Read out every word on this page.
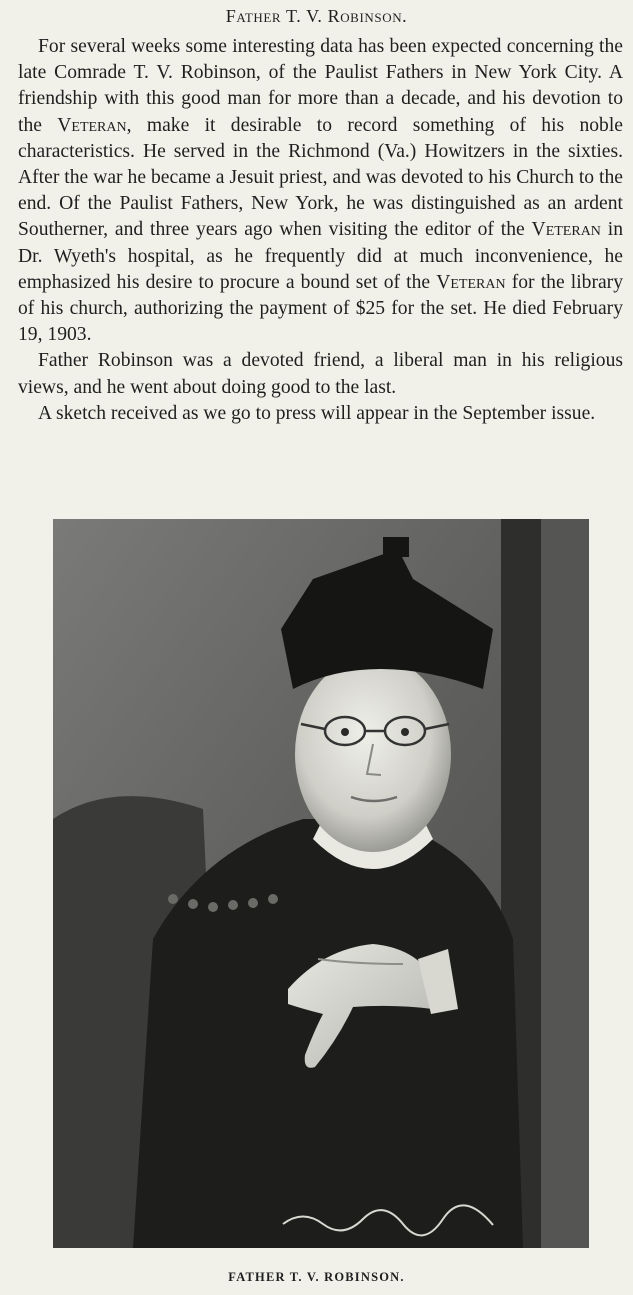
Father T. V. Robinson.

For several weeks some interesting data has been expected concerning the late Comrade T. V. Robinson, of the Paulist Fathers in New York City. A friendship with this good man for more than a decade, and his devotion to the Veteran, make it desirable to record something of his noble characteristics. He served in the Richmond (Va.) Howitzers in the sixties. After the war he became a Jesuit priest, and was devoted to his Church to the end. Of the Paulist Fathers, New York, he was distinguished as an ardent Southerner, and three years ago when visiting the editor of the Veteran in Dr. Wyeth's hospital, as he frequently did at much inconvenience, he emphasized his desire to procure a bound set of the Veteran for the library of his church, authorizing the payment of $25 for the set. He died February 19, 1903.

Father Robinson was a devoted friend, a liberal man in his religious views, and he went about doing good to the last.

A sketch received as we go to press will appear in the September issue.

FATHER T. V. ROBINSON.
